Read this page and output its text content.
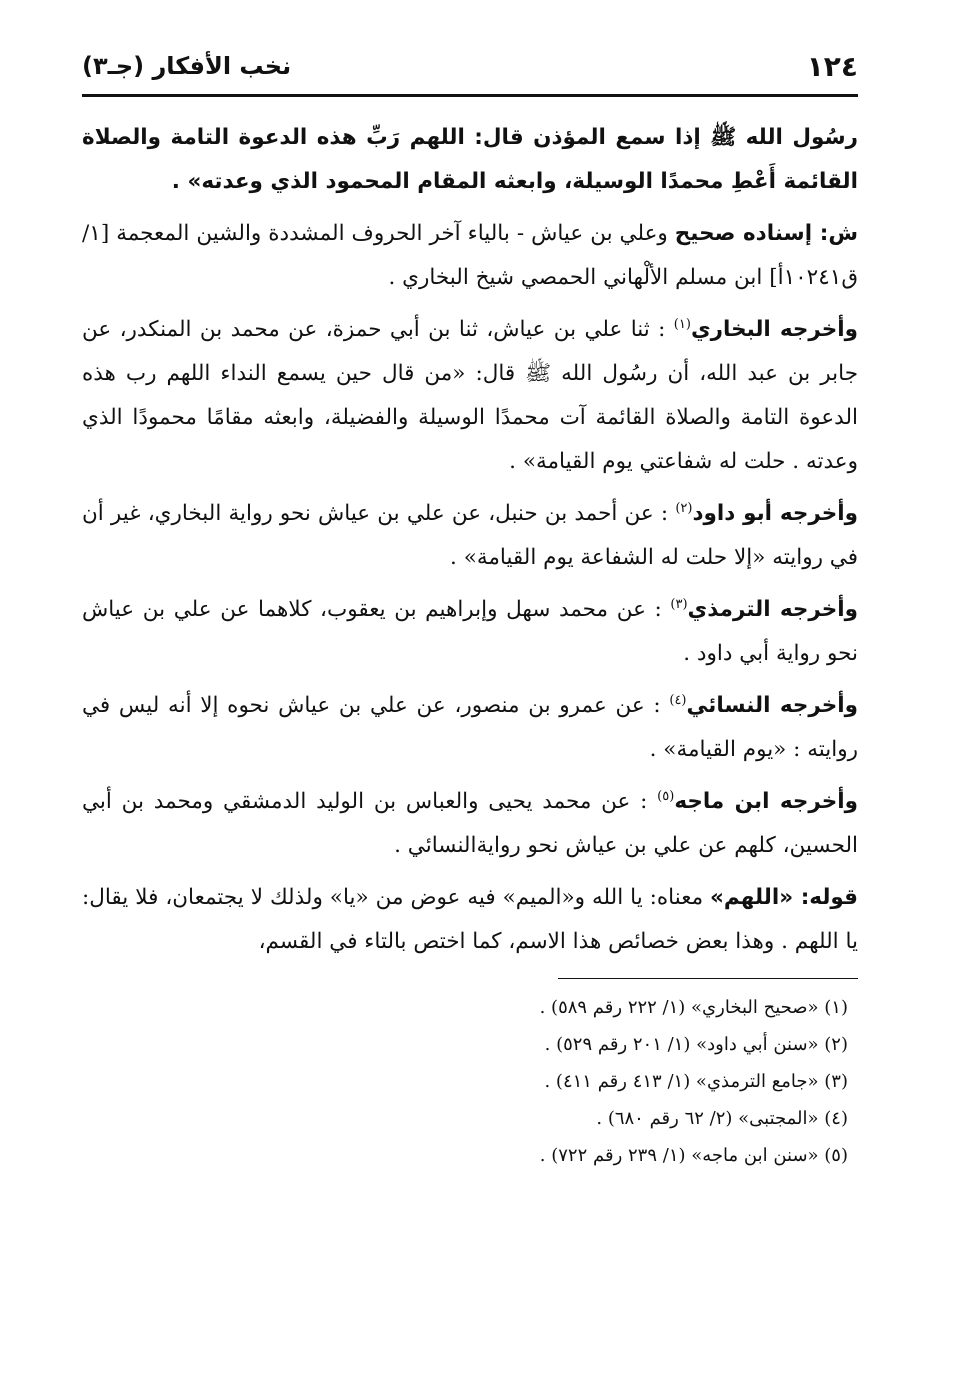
١٢٤
نخب الأفكار (جـ٣)

رسُول الله ﷺ إذا سمع المؤذن قال: اللهم رَبِّ هذه الدعوة التامة والصلاة القائمة أَعْطِ محمدًا الوسيلة، وابعثه المقام المحمود الذي وعدته» .

ش: إسناده صحيح وعلي بن عياش - بالياء آخر الحروف المشددة والشين المعجمة [١/ق١٠٢٤١أ] ابن مسلم الألْهاني الحمصي شيخ البخاري .

وأخرجه البخاري$^{(١)}$ : ثنا علي بن عياش، ثنا بن أبي حمزة، عن محمد بن المنكدر، عن جابر بن عبد الله، أن رسُول الله ﷺ قال: «من قال حين يسمع النداء اللهم رب هذه الدعوة التامة والصلاة القائمة آت محمدًا الوسيلة والفضيلة، وابعثه مقامًا محمودًا الذي وعدته . حلت له شفاعتي يوم القيامة» .

وأخرجه أبو داود$^{(٢)}$ : عن أحمد بن حنبل، عن علي بن عياش نحو رواية البخاري، غير أن في روايته «إلا حلت له الشفاعة يوم القيامة» .

وأخرجه الترمذي$^{(٣)}$ : عن محمد سهل وإبراهيم بن يعقوب، كلاهما عن علي بن عياش نحو رواية أبي داود .

وأخرجه النسائي$^{(٤)}$ : عن عمرو بن منصور، عن علي بن عياش نحوه إلا أنه ليس في روايته : «يوم القيامة» .

وأخرجه ابن ماجه$^{(٥)}$ : عن محمد يحيى والعباس بن الوليد الدمشقي ومحمد بن أبي الحسين، كلهم عن علي بن عياش نحو روايةالنسائي .

قوله: «اللهم» معناه: يا الله و«الميم» فيه عوض من «يا» ولذلك لا يجتمعان، فلا يقال: يا اللهم . وهذا بعض خصائص هذا الاسم، كما اختص بالتاء في القسم،

(١) «صحيح البخاري» (١/ ٢٢٢ رقم ٥٨٩) .

(٢) «سنن أبي داود» (١/ ٢٠١ رقم ٥٢٩) .

(٣) «جامع الترمذي» (١/ ٤١٣ رقم ٤١١) .

(٤) «المجتبى» (٢/ ٦٢ رقم ٦٨٠) .

(٥) «سنن ابن ماجه» (١/ ٢٣٩ رقم ٧٢٢) .
